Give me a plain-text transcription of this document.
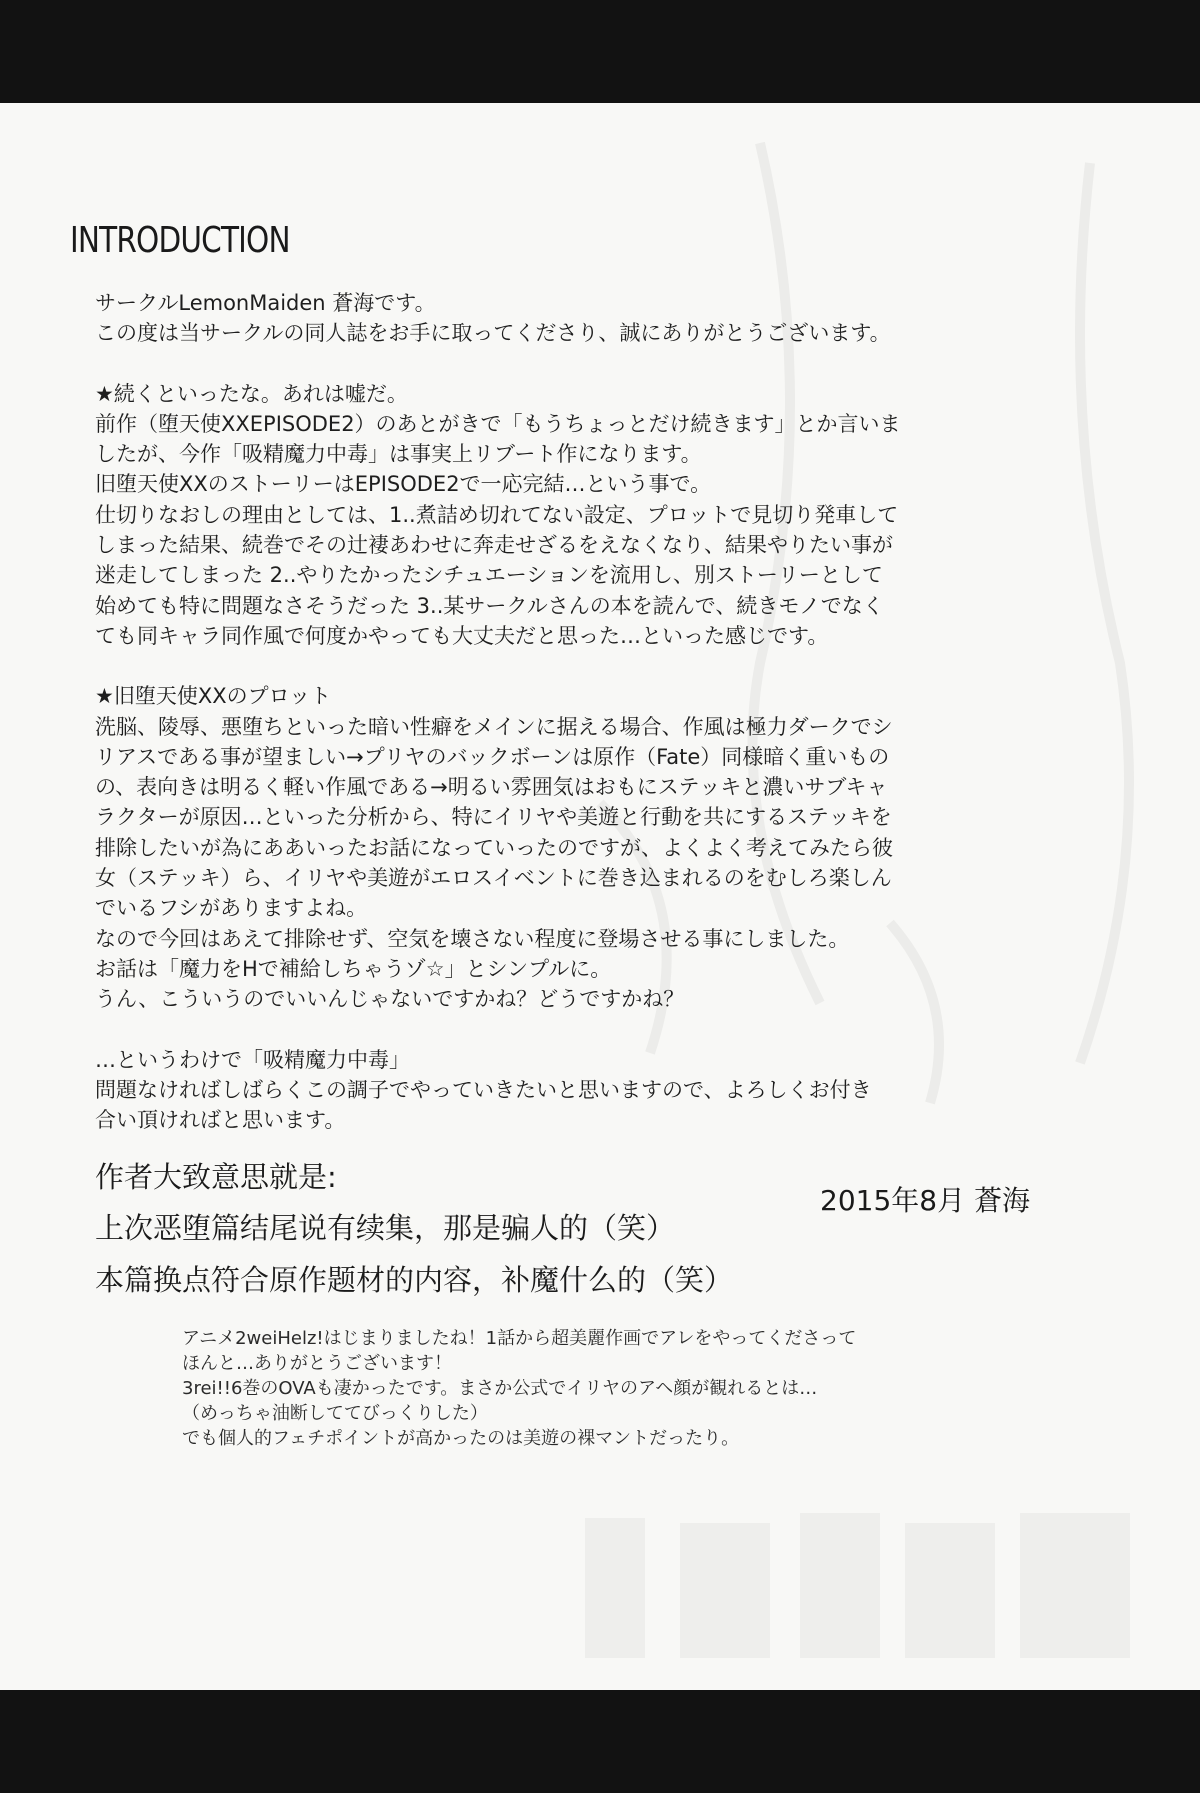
INTRODUCTION

サークルLemonMaiden 蒼海です。

この度は当サークルの同人誌をお手に取ってくださり、誠にありがとうございます。

★続くといったな。あれは嘘だ。

前作（堕天使XXEPISODE2）のあとがきで「もうちょっとだけ続きます」とか言いま

したが、今作「吸精魔力中毒」は事実上リブート作になります。

旧堕天使XXのストーリーはEPISODE2で一応完結…という事で。

仕切りなおしの理由としては、1..煮詰め切れてない設定、プロットで見切り発車して

しまった結果、続巻でその辻褄あわせに奔走せざるをえなくなり、結果やりたい事が

迷走してしまった 2..やりたかったシチュエーションを流用し、別ストーリーとして

始めても特に問題なさそうだった 3..某サークルさんの本を読んで、続きモノでなく

ても同キャラ同作風で何度かやっても大丈夫だと思った…といった感じです。

★旧堕天使XXのプロット

洗脳、陵辱、悪堕ちといった暗い性癖をメインに据える場合、作風は極力ダークでシ

リアスである事が望ましい→プリヤのバックボーンは原作（Fate）同様暗く重いもの

の、表向きは明るく軽い作風である→明るい雰囲気はおもにステッキと濃いサブキャ

ラクターが原因…といった分析から、特にイリヤや美遊と行動を共にするステッキを

排除したいが為にああいったお話になっていったのですが、よくよく考えてみたら彼

女（ステッキ）ら、イリヤや美遊がエロスイベントに巻き込まれるのをむしろ楽しん

でいるフシがありますよね。

なので今回はあえて排除せず、空気を壊さない程度に登場させる事にしました。

お話は「魔力をHで補給しちゃうゾ☆」とシンプルに。

うん、こういうのでいいんじゃないですかね？どうですかね？

…というわけで「吸精魔力中毒」

問題なければしばらくこの調子でやっていきたいと思いますので、よろしくお付き

合い頂ければと思います。

作者大致意思就是:

上次恶堕篇结尾说有续集，那是骗人的（笑）

本篇换点符合原作题材的内容，补魔什么的（笑）

2015年8月 蒼海

アニメ2weiHelz!はじまりましたね！1話から超美麗作画でアレをやってくださって

ほんと…ありがとうございます！

3rei!!6巻のOVAも凄かったです。まさか公式でイリヤのアヘ顔が観れるとは…

（めっちゃ油断しててびっくりした）

でも個人的フェチポイントが高かったのは美遊の裸マントだったり。
